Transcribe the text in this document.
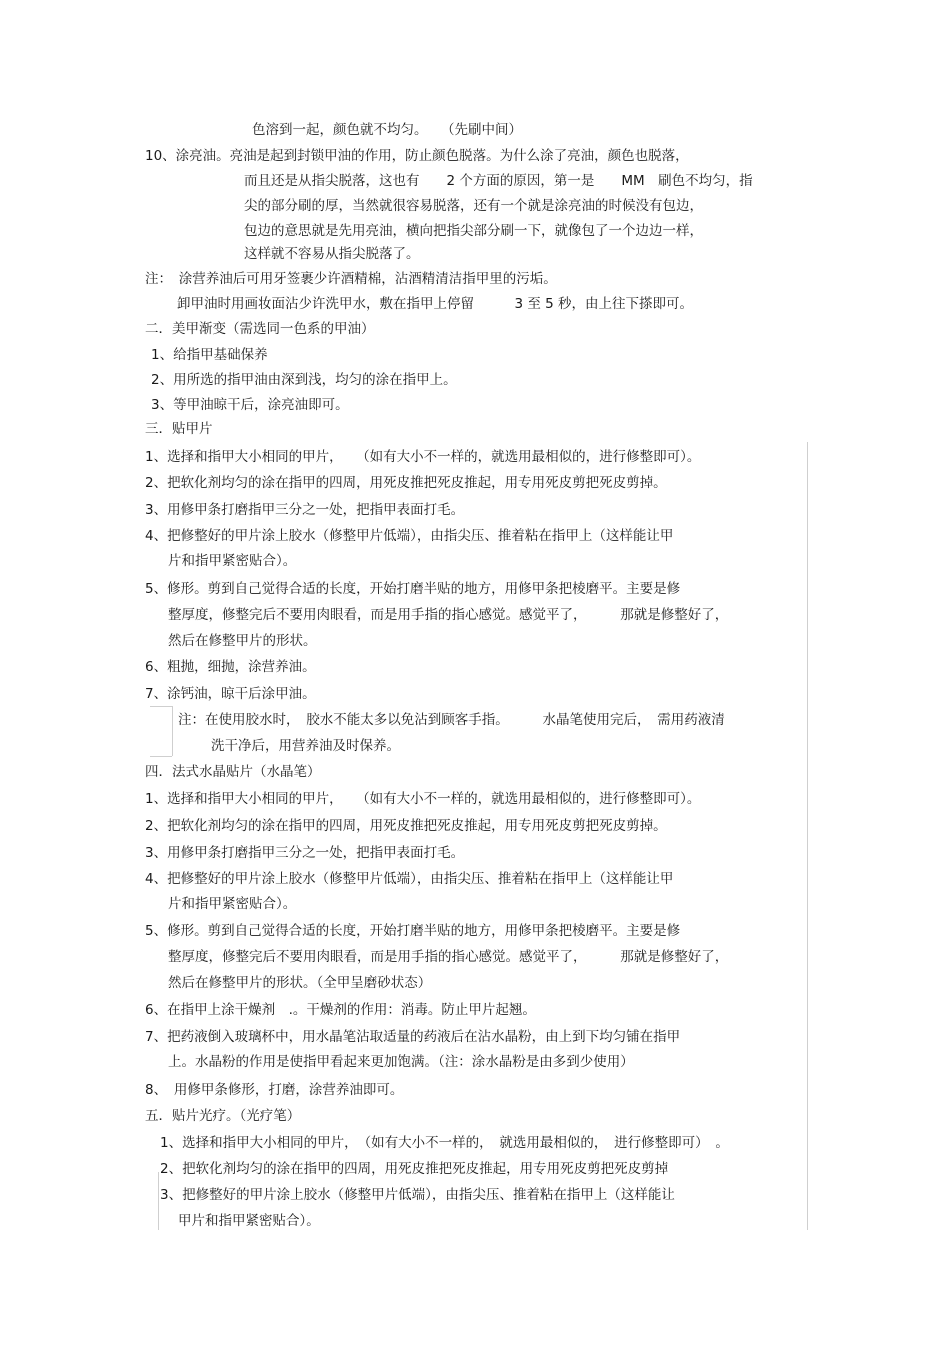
色溶到一起，颜色就不均匀。　　（先刷中间）
10、涂亮油。亮油是起到封锁甲油的作用，防止颜色脱落。为什么涂了亮油，颜色也脱落，
而且还是从指尖脱落，这也有　　2 个方面的原因，第一是　　MM　刷色不均匀，指
尖的部分刷的厚，当然就很容易脱落，还有一个就是涂亮油的时候没有包边，
包边的意思就是先用亮油，横向把指尖部分刷一下，就像包了一个边边一样，
这样就不容易从指尖脱落了。
注：　涂营养油后可用牙签裹少许酒精棉，沾酒精清洁指甲里的污垢。
卸甲油时用画妆面沾少许洗甲水，敷在指甲上停留　　　3 至 5 秒，由上往下搽即可。
二．美甲渐变（需选同一色系的甲油）
1、给指甲基础保养
2、用所选的指甲油由深到浅，均匀的涂在指甲上。
3、等甲油晾干后，涂亮油即可。
三．贴甲片
1、选择和指甲大小相同的甲片，　　（如有大小不一样的，就选用最相似的，进行修整即可）。
2、把软化剂均匀的涂在指甲的四周，用死皮推把死皮推起，用专用死皮剪把死皮剪掉。
3、用修甲条打磨指甲三分之一处，把指甲表面打毛。
4、把修整好的甲片涂上胶水（修整甲片低端），由指尖压、推着粘在指甲上（这样能让甲
片和指甲紧密贴合）。
5、修形。剪到自己觉得合适的长度，开始打磨半贴的地方，用修甲条把棱磨平。主要是修
整厚度，修整完后不要用肉眼看，而是用手指的指心感觉。感觉平了，　　　那就是修整好了，
然后在修整甲片的形状。
6、粗抛，细抛，涂营养油。
7、涂钙油，晾干后涂甲油。
注：在使用胶水时，　胶水不能太多以免沾到顾客手指。　　　水晶笔使用完后，　需用药液清
洗干净后，用营养油及时保养。
四．法式水晶贴片（水晶笔）
1、选择和指甲大小相同的甲片，　　（如有大小不一样的，就选用最相似的，进行修整即可）。
2、把软化剂均匀的涂在指甲的四周，用死皮推把死皮推起，用专用死皮剪把死皮剪掉。
3、用修甲条打磨指甲三分之一处，把指甲表面打毛。
4、把修整好的甲片涂上胶水（修整甲片低端），由指尖压、推着粘在指甲上（这样能让甲
片和指甲紧密贴合）。
5、修形。剪到自己觉得合适的长度，开始打磨半贴的地方，用修甲条把棱磨平。主要是修
整厚度，修整完后不要用肉眼看，而是用手指的指心感觉。感觉平了，　　　那就是修整好了，
然后在修整甲片的形状。（全甲呈磨砂状态）
6、在指甲上涂干燥剂　.。干燥剂的作用：消毒。防止甲片起翘。
7、把药液倒入玻璃杯中，用水晶笔沾取适量的药液后在沾水晶粉，由上到下均匀铺在指甲
上。水晶粉的作用是使指甲看起来更加饱满。（注：涂水晶粉是由多到少使用）
8、　用修甲条修形，打磨，涂营养油即可。
五．贴片光疗。（光疗笔）
1、选择和指甲大小相同的甲片，　（如有大小不一样的，　就选用最相似的，　进行修整即可）　。
2、把软化剂均匀的涂在指甲的四周，用死皮推把死皮推起，用专用死皮剪把死皮剪掉
3、把修整好的甲片涂上胶水（修整甲片低端），由指尖压、推着粘在指甲上（这样能让
甲片和指甲紧密贴合）。
